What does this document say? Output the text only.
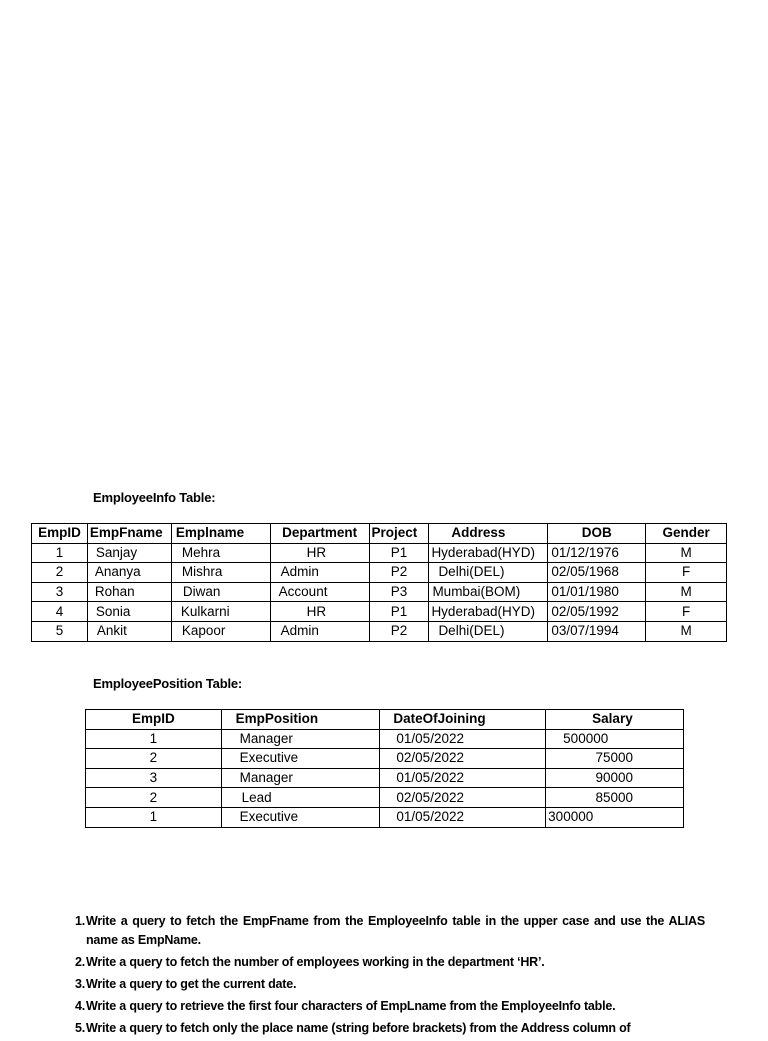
EmployeeInfo Table:
EmpID	EmpFname	Emplname	Department	Project	Address	DOB	Gender
1	Sanjay	Mehra	HR	P1	Hyderabad(HYD)	01/12/1976	M
2	Ananya	Mishra	Admin	P2	Delhi(DEL)	02/05/1968	F
3	Rohan	Diwan	Account	P3	Mumbai(BOM)	01/01/1980	M
4	Sonia	Kulkarni	HR	P1	Hyderabad(HYD)	02/05/1992	F
5	Ankit	Kapoor	Admin	P2	Delhi(DEL)	03/07/1994	M
EmployeePosition Table:
EmpID	EmpPosition	DateOfJoining	Salary
1	Manager	01/05/2022	500000
2	Executive	02/05/2022	75000
3	Manager	01/05/2022	90000
2	Lead	02/05/2022	85000
1	Executive	01/05/2022	300000
1. Write a query to fetch the EmpFname from the EmployeeInfo table in the upper case and use the ALIAS name as EmpName.
2. Write a query to fetch the number of employees working in the department ‘HR’.
3. Write a query to get the current date.
4. Write a query to retrieve the first four characters of EmpLname from the EmployeeInfo table.
5. Write a query to fetch only the place name (string before brackets) from the Address column of
